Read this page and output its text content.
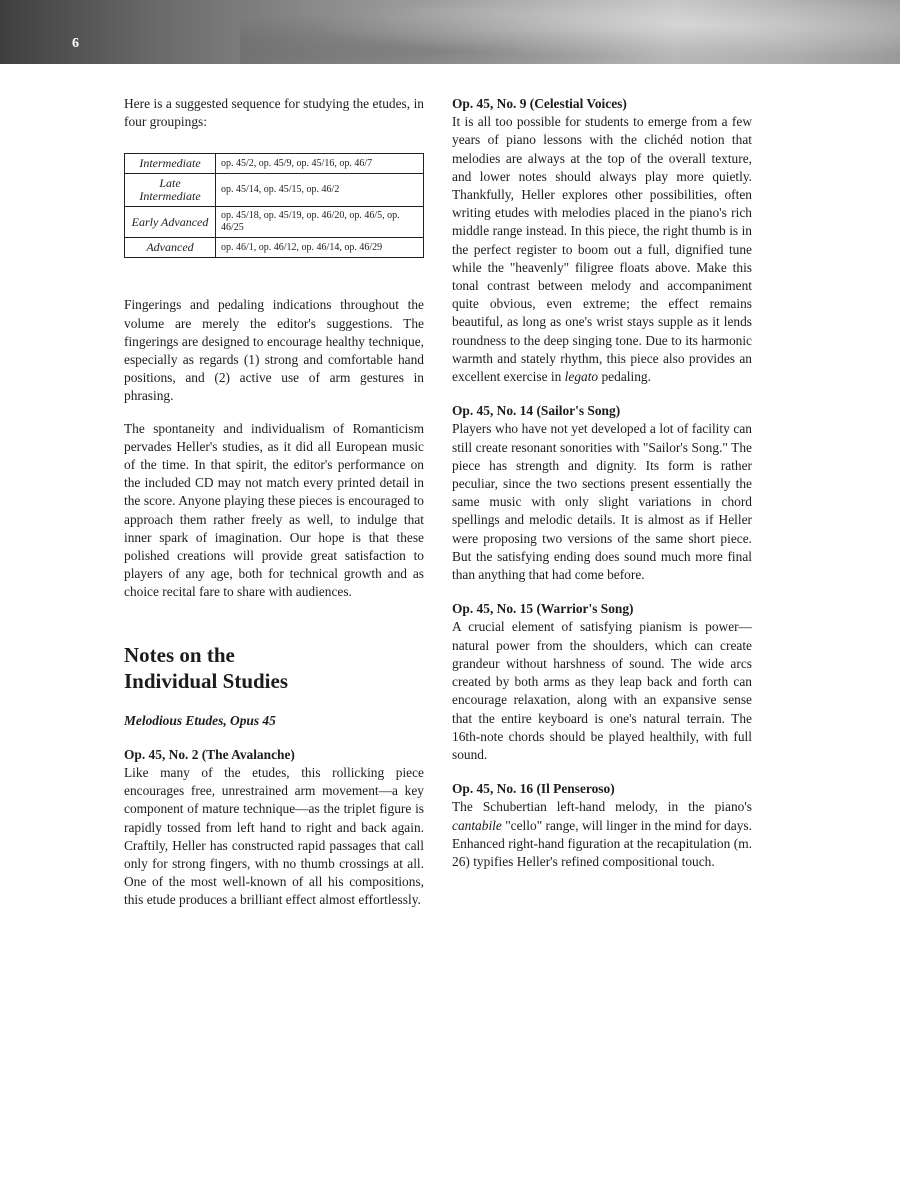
6

Here is a suggested sequence for studying the etudes, in four groupings:

Intermediate	op. 45/2, op. 45/9, op. 45/16, op. 46/7
Late Intermediate	op. 45/14, op. 45/15, op. 46/2
Early Advanced	op. 45/18, op. 45/19, op. 46/20, op. 46/5, op. 46/25
Advanced	op. 46/1, op. 46/12, op. 46/14, op. 46/29

Fingerings and pedaling indications throughout the volume are merely the editor's suggestions. The fingerings are designed to encourage healthy technique, especially as regards (1) strong and comfortable hand positions, and (2) active use of arm gestures in phrasing.

The spontaneity and individualism of Romanticism pervades Heller's studies, as it did all European music of the time. In that spirit, the editor's performance on the included CD may not match every printed detail in the score. Anyone playing these pieces is encouraged to approach them rather freely as well, to indulge that inner spark of imagination. Our hope is that these polished creations will provide great satisfaction to players of any age, both for technical growth and as choice recital fare to share with audiences.

Notes on the
Individual Studies
Melodious Etudes, Opus 45
Op. 45, No. 2 (The Avalanche)

Like many of the etudes, this rollicking piece encourages free, unrestrained arm movement—a key component of mature technique—as the triplet figure is rapidly tossed from left hand to right and back again. Craftily, Heller has constructed rapid passages that call only for strong fingers, with no thumb crossings at all. One of the most well-known of all his compositions, this etude produces a brilliant effect almost effortlessly.

Op. 45, No. 9 (Celestial Voices)

It is all too possible for students to emerge from a few years of piano lessons with the clichéd notion that melodies are always at the top of the overall texture, and lower notes should always play more quietly. Thankfully, Heller explores other possibilities, often writing etudes with melodies placed in the piano's rich middle range instead. In this piece, the right thumb is in the perfect register to boom out a full, dignified tune while the "heavenly" filigree floats above. Make this tonal contrast between melody and accompaniment quite obvious, even extreme; the effect remains beautiful, as long as one's wrist stays supple as it lends roundness to the deep singing tone. Due to its harmonic warmth and stately rhythm, this piece also provides an excellent exercise in legato pedaling.

Op. 45, No. 14 (Sailor's Song)

Players who have not yet developed a lot of facility can still create resonant sonorities with "Sailor's Song." The piece has strength and dignity. Its form is rather peculiar, since the two sections present essentially the same music with only slight variations in chord spellings and melodic details. It is almost as if Heller were proposing two versions of the same short piece. But the satisfying ending does sound much more final than anything that had come before.

Op. 45, No. 15 (Warrior's Song)

A crucial element of satisfying pianism is power—natural power from the shoulders, which can create grandeur without harshness of sound. The wide arcs created by both arms as they leap back and forth can encourage relaxation, along with an expansive sense that the entire keyboard is one's natural terrain. The 16th-note chords should be played healthily, with full sound.

Op. 45, No. 16 (Il Penseroso)

The Schubertian left-hand melody, in the piano's cantabile "cello" range, will linger in the mind for days. Enhanced right-hand figuration at the recapitulation (m. 26) typifies Heller's refined compositional touch.
